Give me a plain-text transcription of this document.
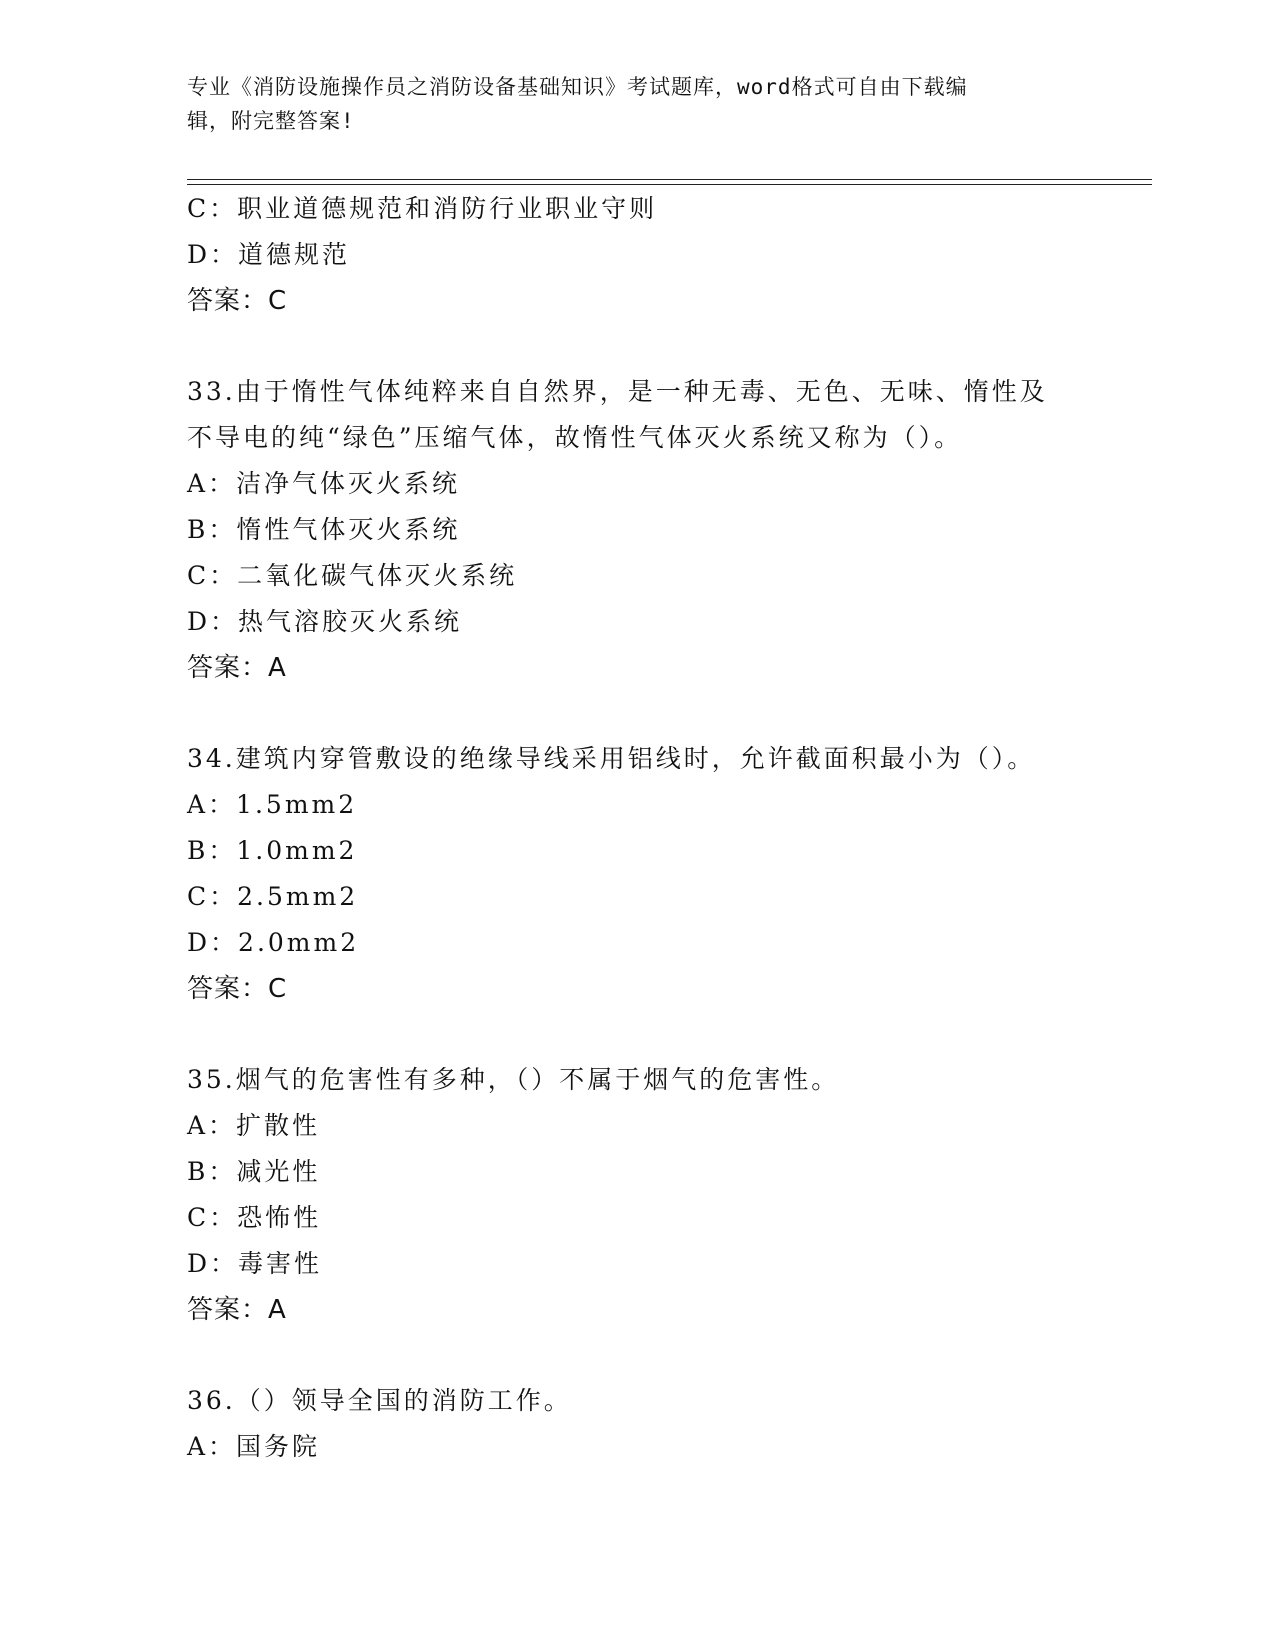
专业《消防设施操作员之消防设备基础知识》考试题库，word格式可自由下载编
辑，附完整答案!
C：职业道德规范和消防行业职业守则
D：道德规范
答案：C
33.由于惰性气体纯粹来自自然界，是一种无毒、无色、无味、惰性及
不导电的纯“绿色”压缩气体，故惰性气体灭火系统又称为（）。
A：洁净气体灭火系统
B：惰性气体灭火系统
C：二氧化碳气体灭火系统
D：热气溶胶灭火系统
答案：A
34.建筑内穿管敷设的绝缘导线采用铝线时，允许截面积最小为（）。
A：1.5mm2
B：1.0mm2
C：2.5mm2
D：2.0mm2
答案：C
35.烟气的危害性有多种，（）不属于烟气的危害性。
A：扩散性
B：减光性
C：恐怖性
D：毒害性
答案：A
36.（）领导全国的消防工作。
A：国务院
